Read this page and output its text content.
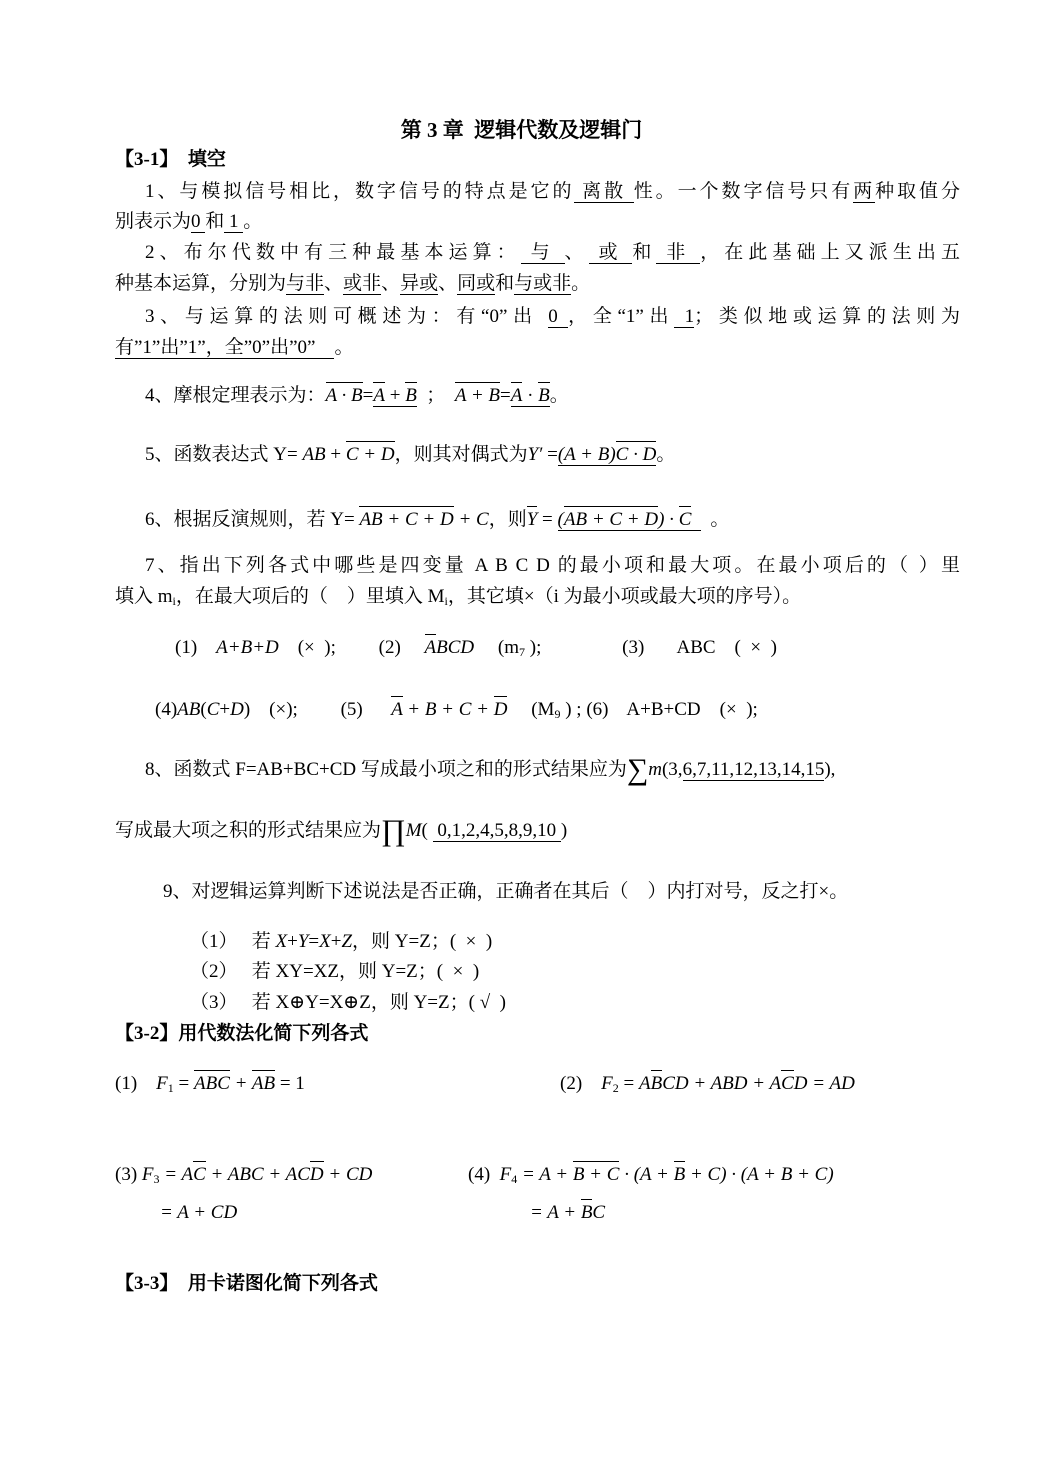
第 3 章  逻辑代数及逻辑门
【3-1】  填空
1、与模拟信号相比，数字信号的特点是它的 离散 性。一个数字信号只有两种取值分
别表示为0 和 1 。
2、布尔代数中有三种最基本运算： 与 、 或 和 非 ，在此基础上又派生出五
种基本运算，分别为与非、或非、异或、同或和与或非。
3、与运算的法则可概述为：有“0”出 0 ，全“1”出 1；类似地或运算的法则为
有”1”出”1”，全”0”出”0”    。
4、摩根定理表示为：A · B=A + B  ；  A + B=A · B。
5、函数表达式 Y= AB + C + D，则其对偶式为Y′ =(A + B)C · D。
6、根据反演规则，若 Y= AB + C + D + C，则Y = (AB + C + D) · C    。
7、指出下列各式中哪些是四变量 A B C D 的最小项和最大项。在最小项后的（ ）里
填入 $m_i$，在最大项后的（    ）里填入 $M_i$，其它填×（i 为最小项或最大项的序号）。
(1)    A+B+D    (×  );         (2)     ABCD     ($m_7$ );                 (3)       ABC    (  ×  )
(4)AB(C+D)    (×);         (5)      A + B + C + D     ($M_9$ ) ; (6)    A+B+CD    (×  );
8、函数式 F=AB+BC+CD 写成最小项之和的形式结果应为∑m(3,6,7,11,12,13,14,15),
写成最大项之积的形式结果应为∏M(  0,1,2,4,5,8,9,10 )
9、对逻辑运算判断下述说法是否正确，正确者在其后（    ）内打对号，反之打×。
（1）   若 X+Y=X+Z，则 Y=Z；(  ×  )
（2）   若 XY=XZ，则 Y=Z；(  ×  )
（3）   若 X⊕Y=X⊕Z，则 Y=Z；( √  )
【3-2】用代数法化简下列各式
(1)    $F_1$ = ABC + AB = 1	(2)    $F_2$ = ABCD + ABD + ACD = AD
(3) $F_3$ = AC + ABC + ACD + CD
= A + CD
(4)  $F_4 = A + B + C \cdot (A + B + C) \cdot (A + B + C)$
= A + BC
【3-3】  用卡诺图化简下列各式
